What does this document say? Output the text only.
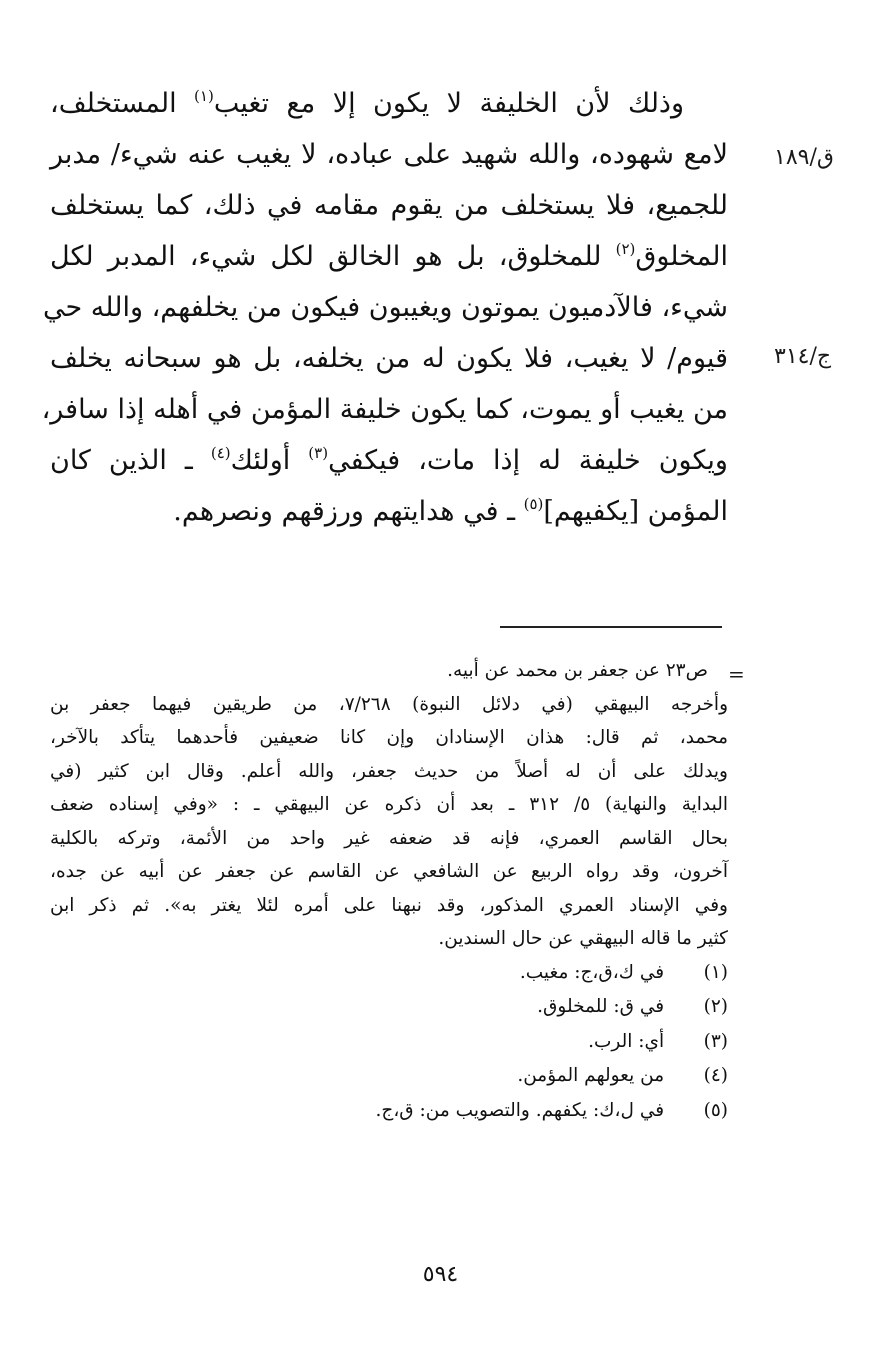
وذلك لأن الخليفة لا يكون إلا مع تغيب$^{(١)}$ المستخلف،
لامع شهوده، والله شهيد على عباده، لا يغيب عنه شيء/ مدبر
للجميع، فلا يستخلف من يقوم مقامه في ذلك، كما يستخلف
المخلوق$^{(٢)}$ للمخلوق، بل هو الخالق لكل شيء، المدبر لكل
شيء، فالآدميون يموتون ويغيبون فيكون من يخلفهم، والله حي
قيوم/ لا يغيب، فلا يكون له من يخلفه، بل هو سبحانه يخلف
من يغيب أو يموت، كما يكون خليفة المؤمن في أهله إذا سافر،
ويكون خليفة له إذا مات، فيكفي$^{(٣)}$ أولئك$^{(٤)}$ ـ الذين كان
المؤمن [يكفيهم]$^{(٥)}$ ـ في هدايتهم ورزقهم ونصرهم.
ق/١٨٩
ج/٣١٤
=
ص٢٣ عن جعفر بن محمد عن أبيه.
وأخرجه البيهقي (في دلائل النبوة) ٧/٢٦٨، من طريقين فيهما جعفر بن
محمد، ثم قال: هذان الإسنادان وإن كانا ضعيفين فأحدهما يتأكد بالآخر،
ويدلك على أن له أصلاً من حديث جعفر، والله أعلم. وقال ابن كثير (في
البداية والنهاية) ٥/ ٣١٢ ـ بعد أن ذكره عن البيهقي ـ : «وفي إسناده ضعف
بحال القاسم العمري، فإنه قد ضعفه غير واحد من الأئمة، وتركه بالكلية
آخرون، وقد رواه الربيع عن الشافعي عن القاسم عن جعفر عن أبيه عن جده،
وفي الإسناد العمري المذكور، وقد نبهنا على أمره لئلا يغتر به». ثم ذكر ابن
كثير ما قاله البيهقي عن حال السندين.
(١) في ك،ق،ج: مغيب.
(٢) في ق: للمخلوق.
(٣) أي: الرب.
(٤) من يعولهم المؤمن.
(٥) في ل،ك: يكفهم. والتصويب من: ق،ج.
٥٩٤
